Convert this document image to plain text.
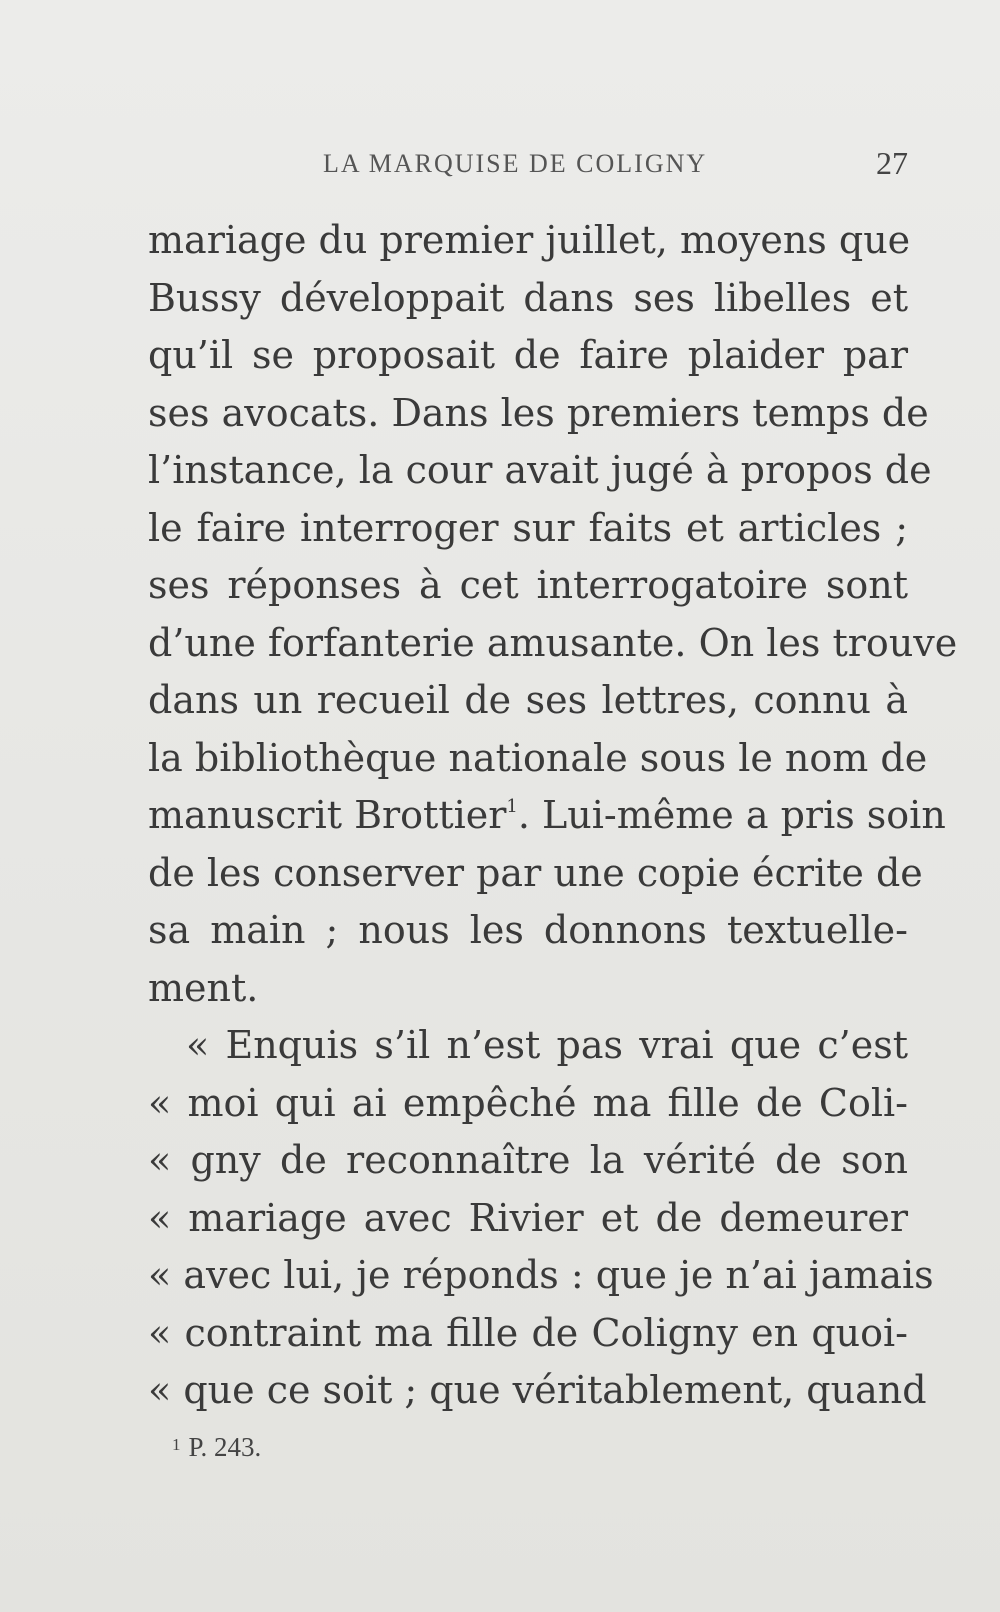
LA MARQUISE DE COLIGNY	27
mariage du premier juillet, moyens que
Bussy développait dans ses libelles et
qu’il se proposait de faire plaider par
ses avocats. Dans les premiers temps de
l’instance, la cour avait jugé à propos de
le faire interroger sur faits et articles ;
ses réponses à cet interrogatoire sont
d’une forfanterie amusante. On les trouve
dans un recueil de ses lettres, connu à
la bibliothèque nationale sous le nom de
manuscrit Brottier$^1$. Lui-même a pris soin
de les conserver par une copie écrite de
sa main ; nous les donnons textuelle-
ment.
« Enquis s’il n’est pas vrai que c’est
« moi qui ai empêché ma fille de Coli-
« gny de reconnaître la vérité de son
« mariage avec Rivier et de demeurer
« avec lui, je réponds : que je n’ai jamais
« contraint ma fille de Coligny en quoi-
« que ce soit ; que véritablement, quand
$^1$ P. 243.
